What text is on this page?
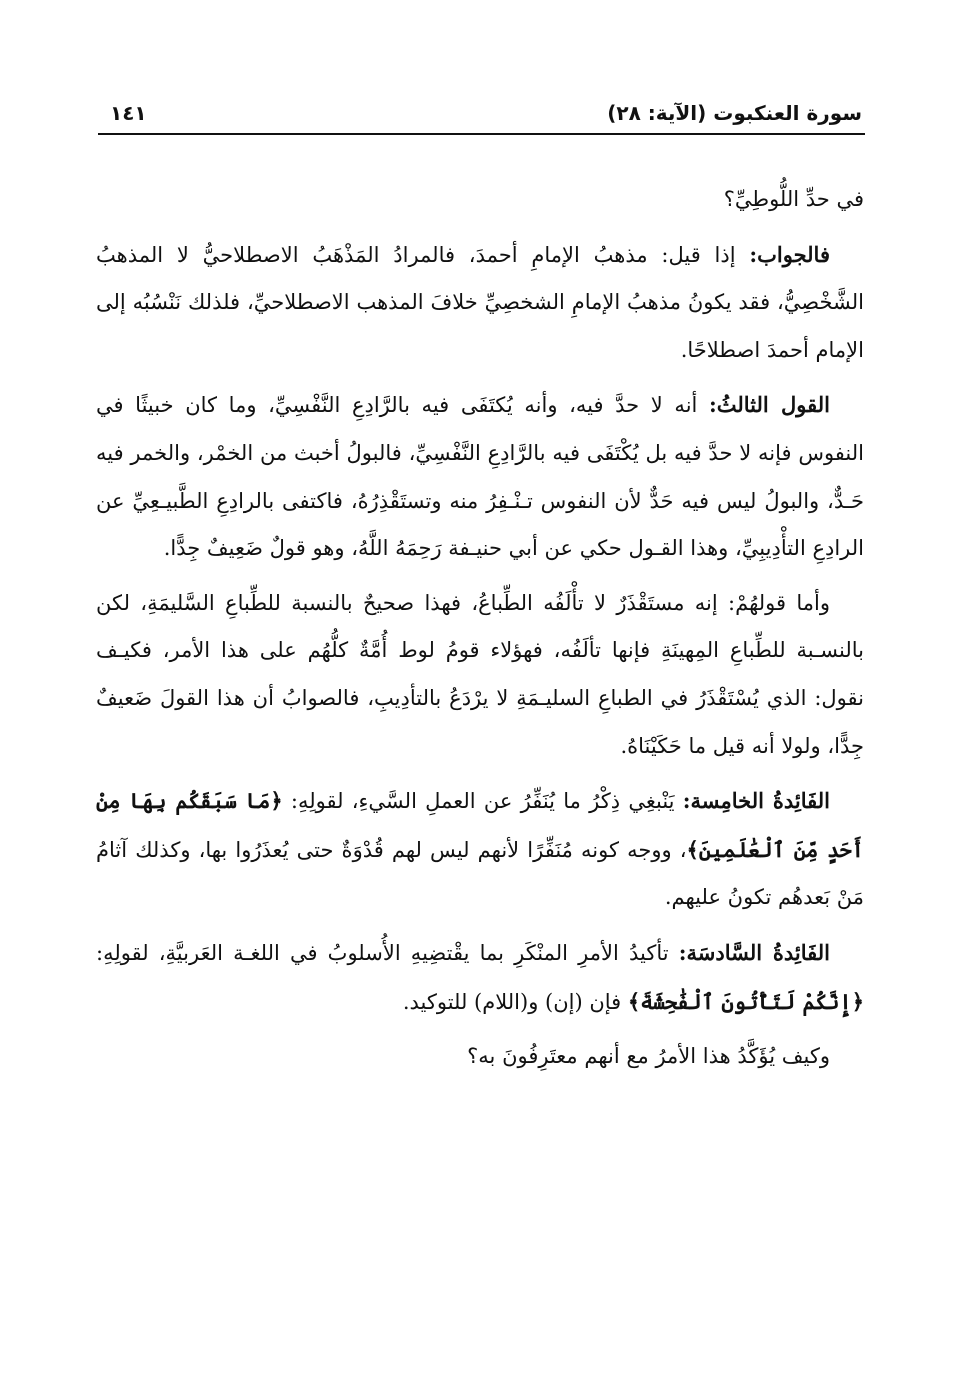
سورة العنكبوت (الآية: ٢٨)
١٤١

في حدِّ اللُّوطِيِّ؟

فالجواب: إذا قيل: مذهبُ الإمامِ أحمدَ، فالمرادُ المَذْهَبُ الاصطلاحيُّ لا المذهبُ الشَّخْصِيُّ، فقد يكونُ مذهبُ الإمامِ الشخصِيِّ خلافَ المذهب الاصطلاحيِّ، فلذلك نَنْسُبُه إلى الإمام أحمدَ اصطلاحًا.

القول الثالثُ: أنه لا حدَّ فيه، وأنه يُكتَفَى فيه بالرَّادِعِ النَّفْسِيِّ، وما كان خبيثًا في النفوس فإنه لا حدَّ فيه بل يُكْتَفَى فيه بالرَّادِعِ النَّفْسِيِّ، فالبولُ أخبث من الخمْر، والخمر فيه حَـدٌّ، والبولُ ليس فيه حَدٌّ لأن النفوس تـنْـفِرُ منه وتستَقْذِرُهُ، فاكتفى بالرادِعِ الطَّبيـعِيِّ عن الرادِعِ التأْدِيبِيِّ، وهذا القـول حكي عن أبي حنيـفة رَحِمَهُ اللَّهُ، وهو قولٌ ضَعِيفٌ جِدًّا.

وأما قولهُمْ: إنه مستَقْذَرٌ لا تأْلَفُه الطِّباعُ، فهذا صحيحٌ بالنسبة للطِّباعِ السَّليمَةِ، لكن بالنسـبة للطِّباعِ المِهينَةِ فإنها تألَفُه، فهؤلاء قومُ لوط أُمَّةٌ كلُّهُم على هذا الأمر، فكيـف نقول: الذي يُسْتَقْذَرُ في الطباعِ السليـمَةِ لا يرْدَعُ بالتأدِيبِ، فالصوابُ أن هذا القولَ ضَعيفٌ جِدًّا، ولولا أنه قيل ما حَكَيْنَاهُ.

الفَائِدةُ الخامِسة: يَنْبغِي ذِكْرُ ما يُنَفِّرُ عن العملِ السَّيءِ، لقولِهِ: ﴿مَا سَبَقَكُم بِهَا مِنْ أَحَدٍ مِّنَ ٱلْعَٰلَمِينَ﴾، ووجه كونه مُنَفِّرًا لأنهم ليس لهم قُدْوَةٌ حتى يُعذَرُوا بها، وكذلك آثامُ مَنْ بَعدهُم تكونُ عليهم.

الفَائِدةُ السَّادسَة: تأكيدُ الأمرِ المنْكَرِ بما يقْتضِيهِ الأُسلوبُ في اللغـة العَربيَّةِ، لقولِهِ: ﴿إِنَّكُمْ لَتَأْتُونَ ٱلْفَٰحِشَةَ﴾ فإن (إن) و(اللام) للتوكيد.

وكيف يُؤَكَّدُ هذا الأمرُ مع أنهم معتَرِفُونَ به؟
